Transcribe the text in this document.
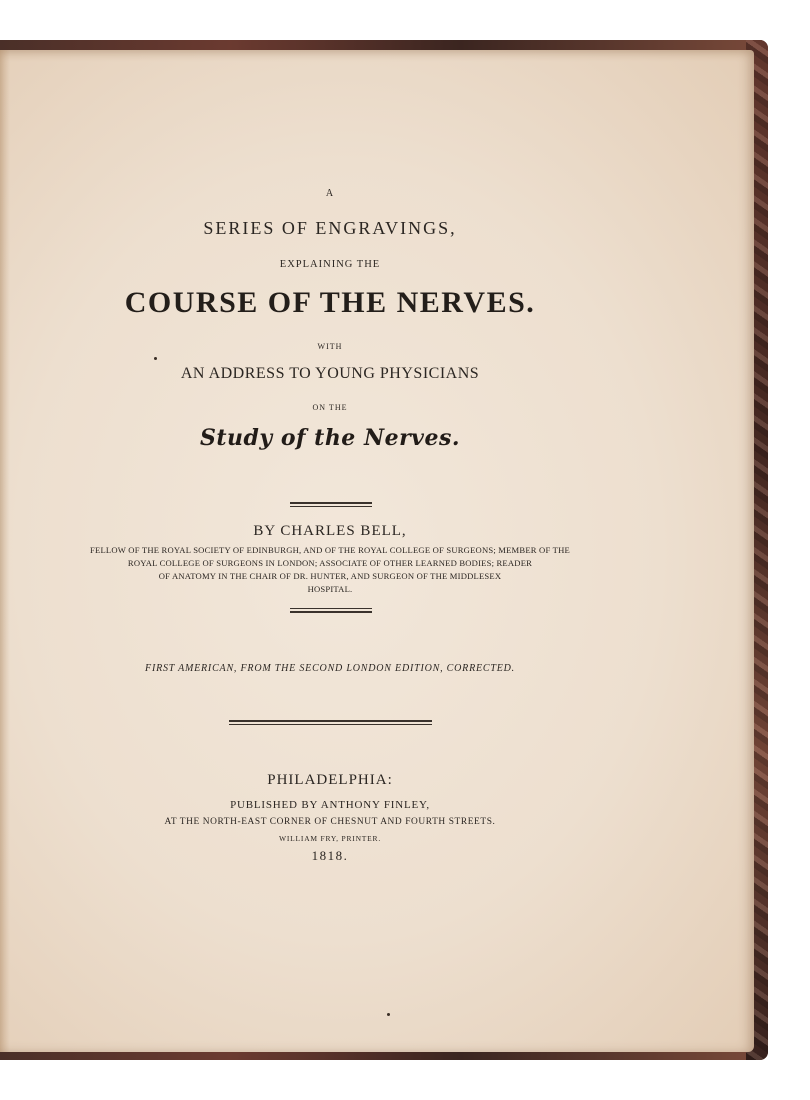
A
SERIES OF ENGRAVINGS,
EXPLAINING THE
COURSE OF THE NERVES.
WITH
AN ADDRESS TO YOUNG PHYSICIANS
ON THE
Study of the Nerves.
BY CHARLES BELL,
FELLOW OF THE ROYAL SOCIETY OF EDINBURGH, AND OF THE ROYAL COLLEGE OF SURGEONS; MEMBER OF THE
ROYAL COLLEGE OF SURGEONS IN LONDON; ASSOCIATE OF OTHER LEARNED BODIES; READER
OF ANATOMY IN THE CHAIR OF DR. HUNTER, AND SURGEON OF THE MIDDLESEX
HOSPITAL.
FIRST AMERICAN, FROM THE SECOND LONDON EDITION, CORRECTED.
PHILADELPHIA:
PUBLISHED BY ANTHONY FINLEY,
AT THE NORTH-EAST CORNER OF CHESNUT AND FOURTH STREETS.
WILLIAM FRY, PRINTER.
1818.
